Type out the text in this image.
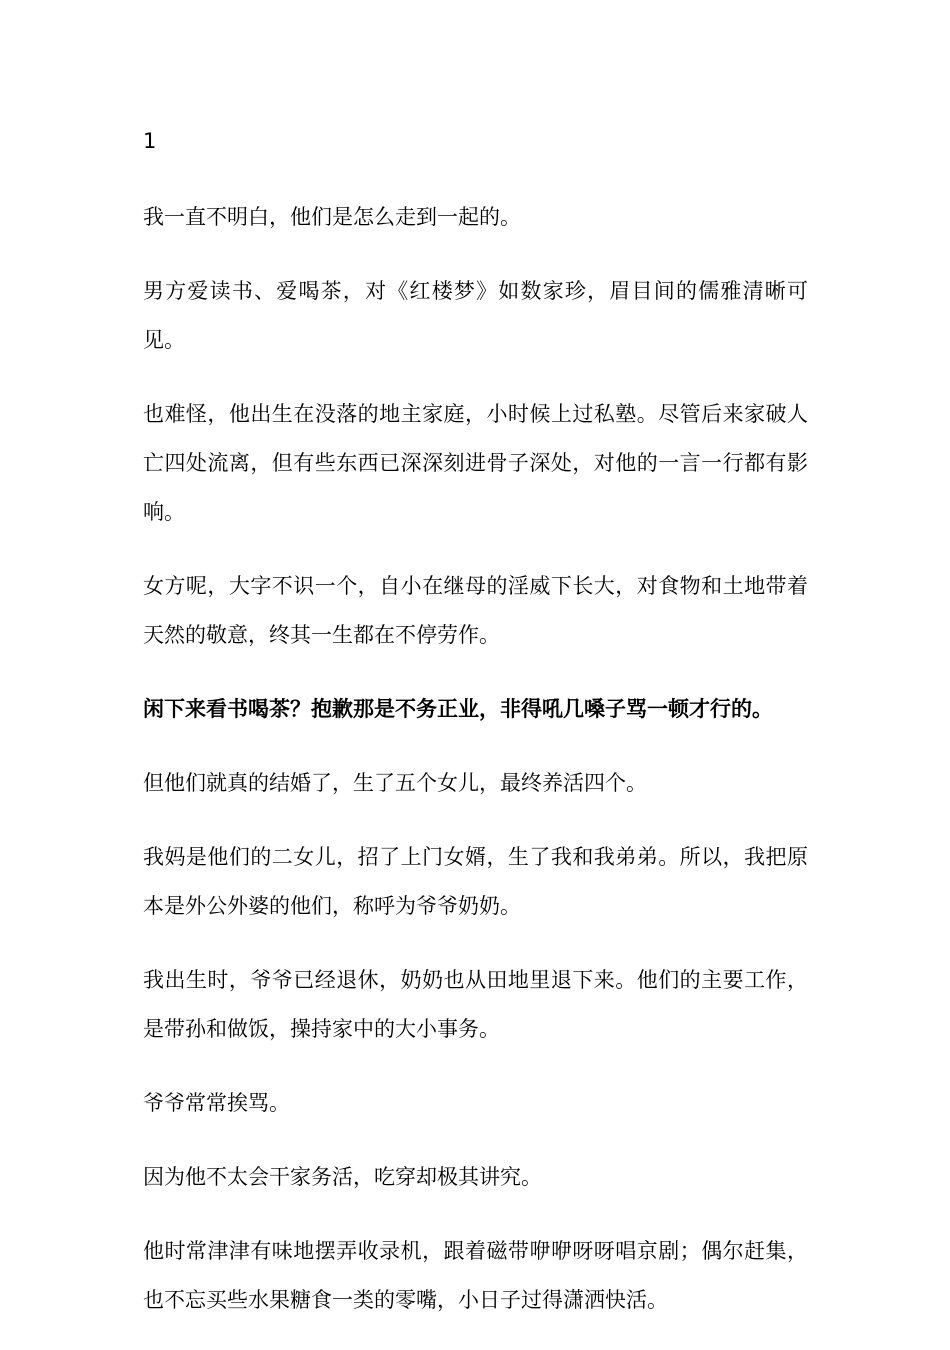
1

我一直不明白，他们是怎么走到一起的。

男方爱读书、爱喝茶，对《红楼梦》如数家珍，眉目间的儒雅清晰可见。

也难怪，他出生在没落的地主家庭，小时候上过私塾。尽管后来家破人亡四处流离，但有些东西已深深刻进骨子深处，对他的一言一行都有影响。

女方呢，大字不识一个，自小在继母的淫威下长大，对食物和土地带着天然的敬意，终其一生都在不停劳作。

闲下来看书喝茶？抱歉那是不务正业，非得吼几嗓子骂一顿才行的。

但他们就真的结婚了，生了五个女儿，最终养活四个。

我妈是他们的二女儿，招了上门女婿，生了我和我弟弟。所以，我把原本是外公外婆的他们，称呼为爷爷奶奶。

我出生时，爷爷已经退休，奶奶也从田地里退下来。他们的主要工作，是带孙和做饭，操持家中的大小事务。

爷爷常常挨骂。

因为他不太会干家务活，吃穿却极其讲究。

他时常津津有味地摆弄收录机，跟着磁带咿咿呀呀唱京剧；偶尔赶集，也不忘买些水果糖食一类的零嘴，小日子过得潇洒快活。
